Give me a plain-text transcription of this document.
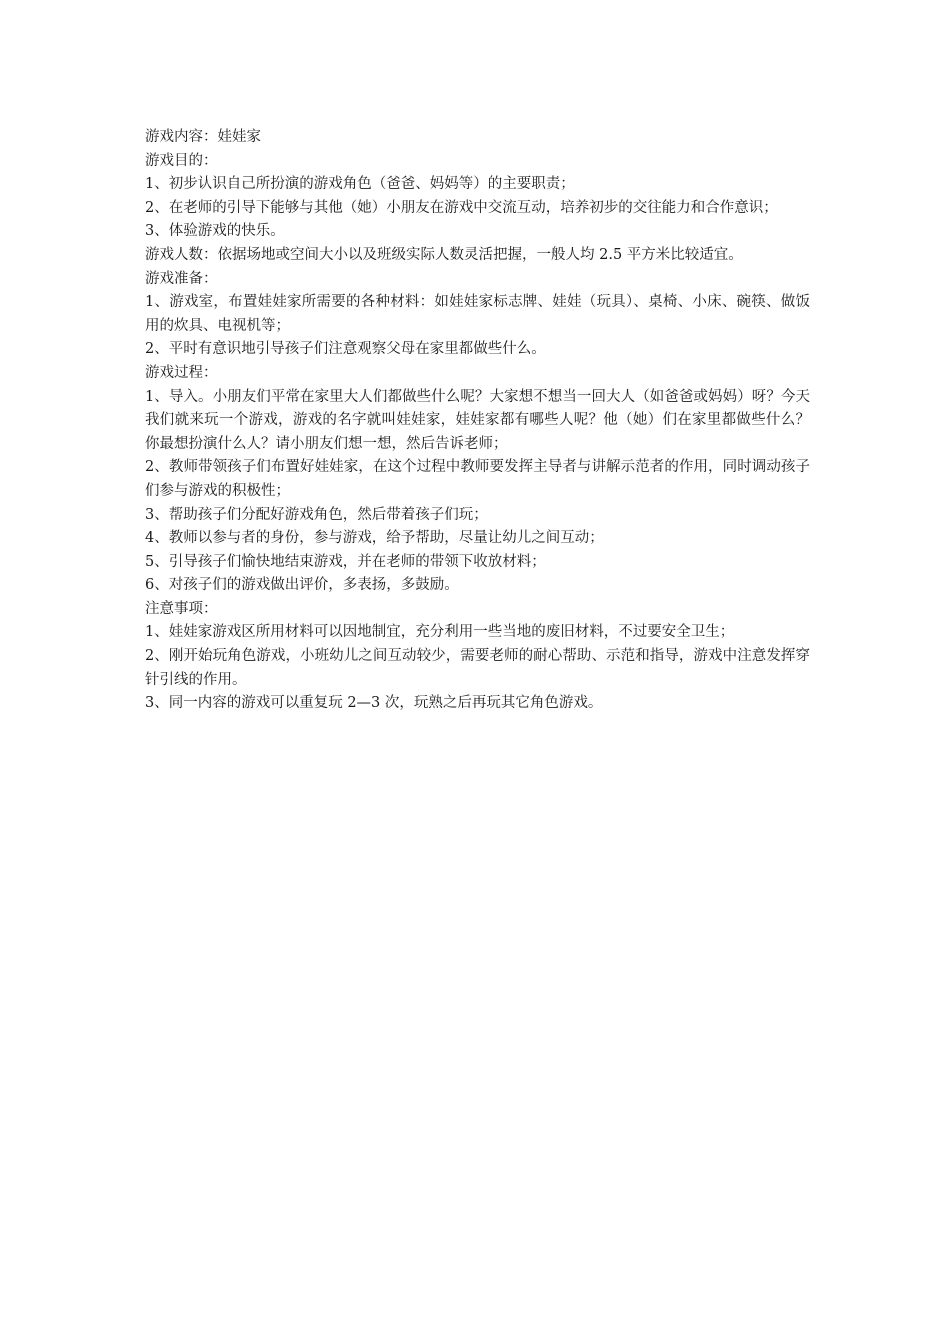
游戏内容：娃娃家

游戏目的：

1、初步认识自己所扮演的游戏角色（爸爸、妈妈等）的主要职责；

2、在老师的引导下能够与其他（她）小朋友在游戏中交流互动，培养初步的交往能力和合作意识；

3、体验游戏的快乐。

游戏人数：依据场地或空间大小以及班级实际人数灵活把握，一般人均 2.5 平方米比较适宜。

游戏准备：

1、游戏室，布置娃娃家所需要的各种材料：如娃娃家标志牌、娃娃（玩具）、桌椅、小床、碗筷、做饭用的炊具、电视机等；

2、平时有意识地引导孩子们注意观察父母在家里都做些什么。

游戏过程：

1、导入。小朋友们平常在家里大人们都做些什么呢？大家想不想当一回大人（如爸爸或妈妈）呀？今天我们就来玩一个游戏，游戏的名字就叫娃娃家，娃娃家都有哪些人呢？他（她）们在家里都做些什么？你最想扮演什么人？请小朋友们想一想，然后告诉老师；

2、教师带领孩子们布置好娃娃家，在这个过程中教师要发挥主导者与讲解示范者的作用，同时调动孩子们参与游戏的积极性；

3、帮助孩子们分配好游戏角色，然后带着孩子们玩；

4、教师以参与者的身份，参与游戏，给予帮助，尽量让幼儿之间互动；

5、引导孩子们愉快地结束游戏，并在老师的带领下收放材料；

6、对孩子们的游戏做出评价，多表扬，多鼓励。

注意事项：

1、娃娃家游戏区所用材料可以因地制宜，充分利用一些当地的废旧材料，不过要安全卫生；

2、刚开始玩角色游戏，小班幼儿之间互动较少，需要老师的耐心帮助、示范和指导，游戏中注意发挥穿针引线的作用。

3、同一内容的游戏可以重复玩 2—3 次，玩熟之后再玩其它角色游戏。
